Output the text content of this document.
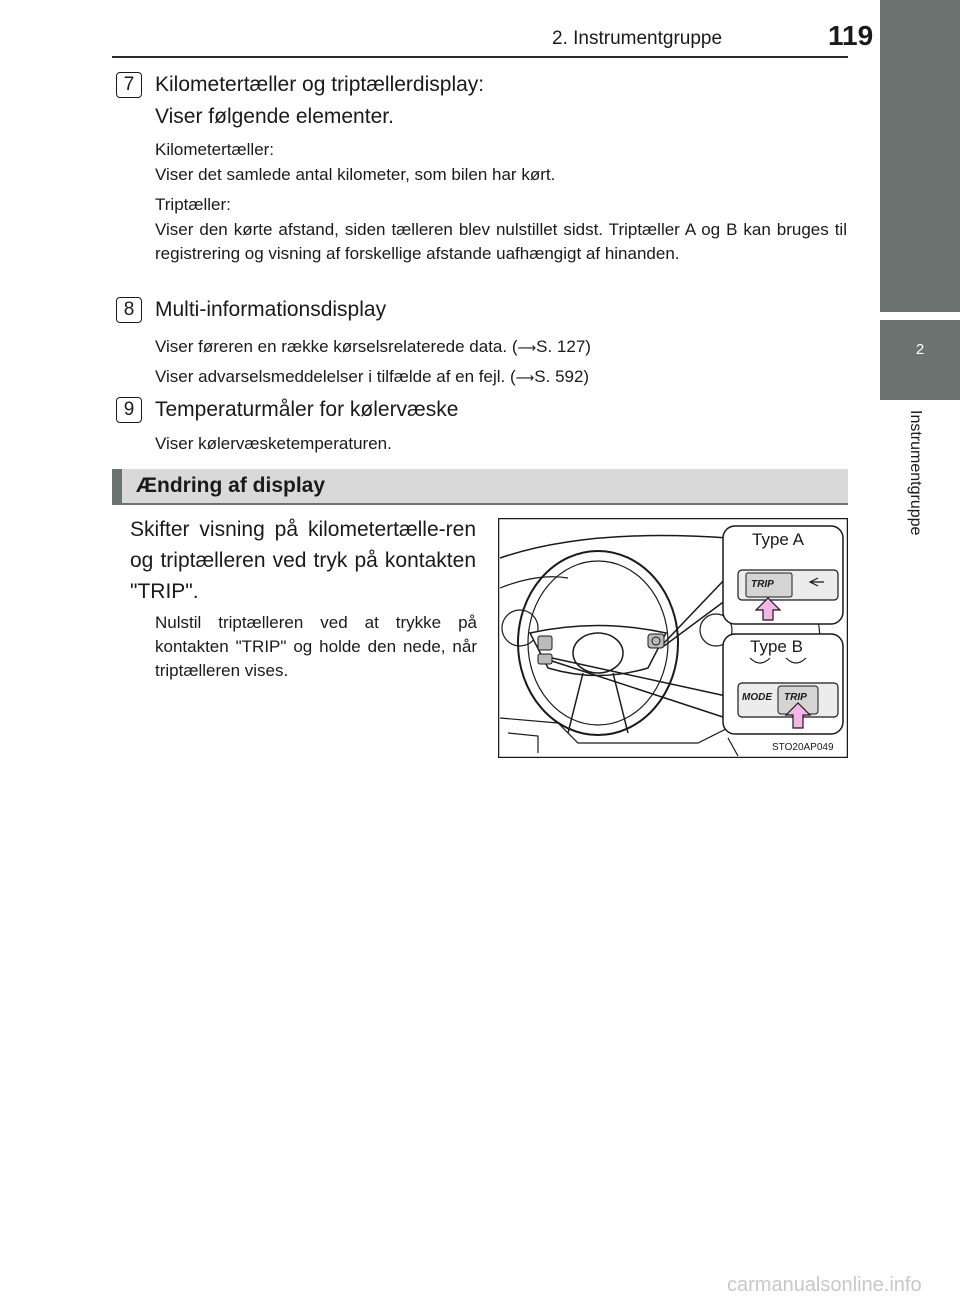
2. Instrumentgruppe	119
2
Instrumentgruppe
7 Kilometertæller og triptællerdisplay:
Viser følgende elementer.
Kilometertæller:
Viser det samlede antal kilometer, som bilen har kørt.
Triptæller:
Viser den kørte afstand, siden tælleren blev nulstillet sidst. Triptæller A og B kan bruges til registrering og visning af forskellige afstande uafhængigt af hinanden.
8 Multi-informationsdisplay
Viser føreren en række kørselsrelaterede data. (⟶S. 127)
Viser advarselsmeddelelser i tilfælde af en fejl. (⟶S. 592)
9 Temperaturmåler for kølervæske
Viser kølervæsketemperaturen.
Ændring af display
Skifter visning på kilometertælle-ren og triptælleren ved tryk på kontakten "TRIP".
Nulstil triptælleren ved at trykke på kontakten "TRIP" og holde den nede, når triptælleren vises.
Type A
TRIP
Type B
MODE TRIP
STO20AP049
carmanualsonline.info
